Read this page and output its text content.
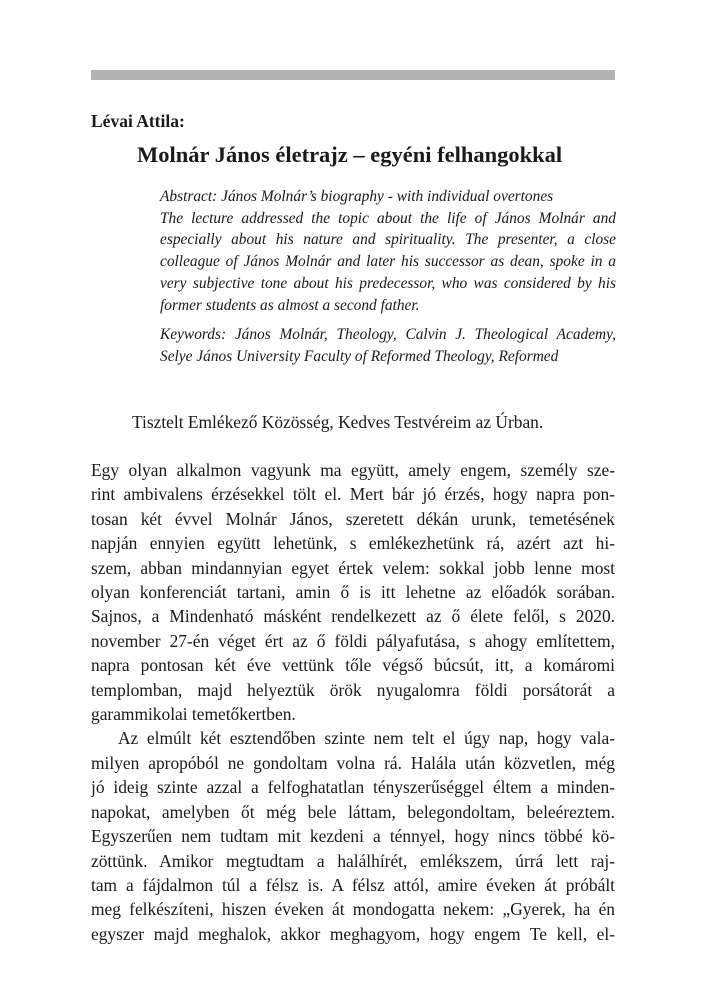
Lévai Attila:
Molnár János életrajz – egyéni felhangokkal
Abstract: János Molnár’s biography - with individual overtones
The lecture addressed the topic about the life of János Molnár and
especially about his nature and spirituality. The presenter, a close
colleague of János Molnár and later his successor as dean, spoke in a
very subjective tone about his predecessor, who was considered by his
former students as almost a second father.
Keywords: János Molnár, Theology, Calvin J. Theological Academy,
Selye János University Faculty of Reformed Theology, Reformed
Tisztelt Emlékező Közösség, Kedves Testvéreim az Úrban.
Egy olyan alkalmon vagyunk ma együtt, amely engem, személy sze-
rint ambivalens érzésekkel tölt el. Mert bár jó érzés, hogy napra pon-
tosan két évvel Molnár János, szeretett dékán urunk, temetésének
napján ennyien együtt lehetünk, s emlékezhetünk rá, azért azt hi-
szem, abban mindannyian egyet értek velem: sokkal jobb lenne most
olyan konferenciát tartani, amin ő is itt lehetne az előadók sorában.
Sajnos, a Mindenható másként rendelkezett az ő élete felől, s 2020.
november 27-én véget ért az ő földi pályafutása, s ahogy említettem,
napra pontosan két éve vettünk tőle végső búcsút, itt, a komáromi
templomban, majd helyeztük örök nyugalomra földi porsátorát a
garammikolai temetőkertben.
Az elmúlt két esztendőben szinte nem telt el úgy nap, hogy vala-
milyen apropóból ne gondoltam volna rá. Halála után közvetlen, még
jó ideig szinte azzal a felfoghatatlan tényszerűséggel éltem a minden-
napokat, amelyben őt még bele láttam, belegondoltam, beleéreztem.
Egyszerűen nem tudtam mit kezdeni a ténnyel, hogy nincs többé kö-
zöttünk. Amikor megtudtam a halálhírét, emlékszem, úrrá lett raj-
tam a fájdalmon túl a félsz is. A félsz attól, amire éveken át próbált
meg felkészíteni, hiszen éveken át mondogatta nekem: „Gyerek, ha én
egyszer majd meghalok, akkor meghagyom, hogy engem Te kell, el-
